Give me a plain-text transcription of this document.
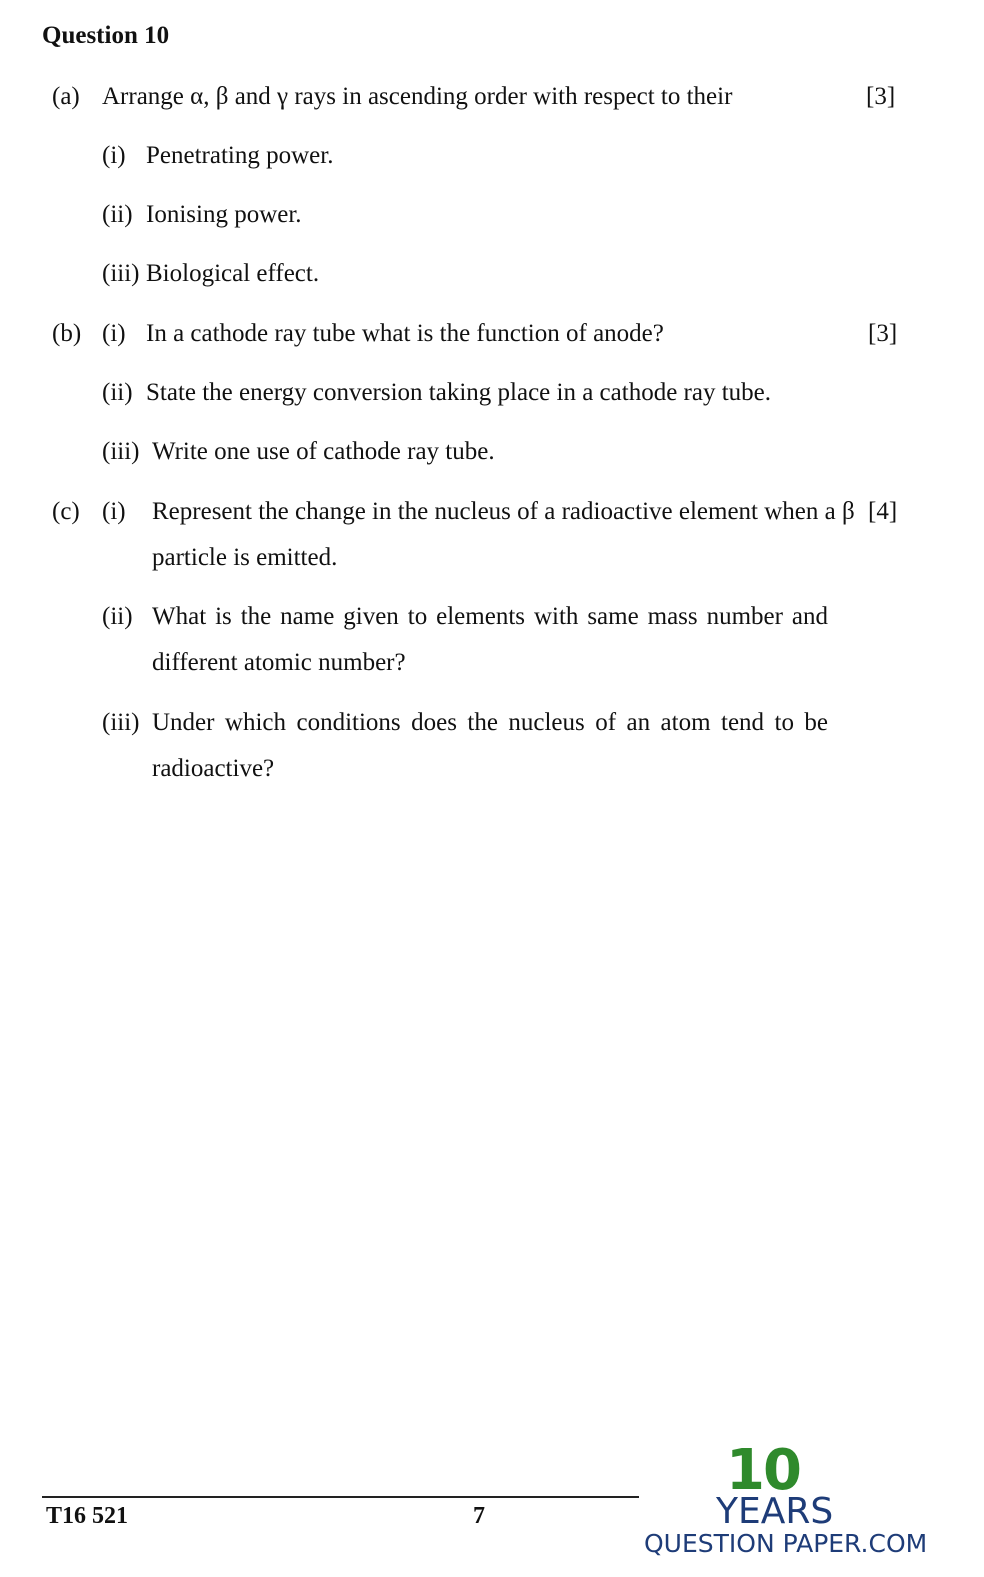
Question 10
(a) Arrange α, β and γ rays in ascending order with respect to their	[3]
(i) Penetrating power.
(ii) Ionising power.
(iii) Biological effect.
(b) (i) In a cathode ray tube what is the function of anode?	[3]
(ii) State the energy conversion taking place in a cathode ray tube.
(iii) Write one use of cathode ray tube.
(c) (i) Represent the change in the nucleus of a radioactive element when a β [4]
particle is emitted.
(ii) What is the name given to elements with same mass number and
different atomic number?
(iii) Under which conditions does the nucleus of an atom tend to be
radioactive?
T16 521	7
10
YEARS
QUESTION PAPER.COM
